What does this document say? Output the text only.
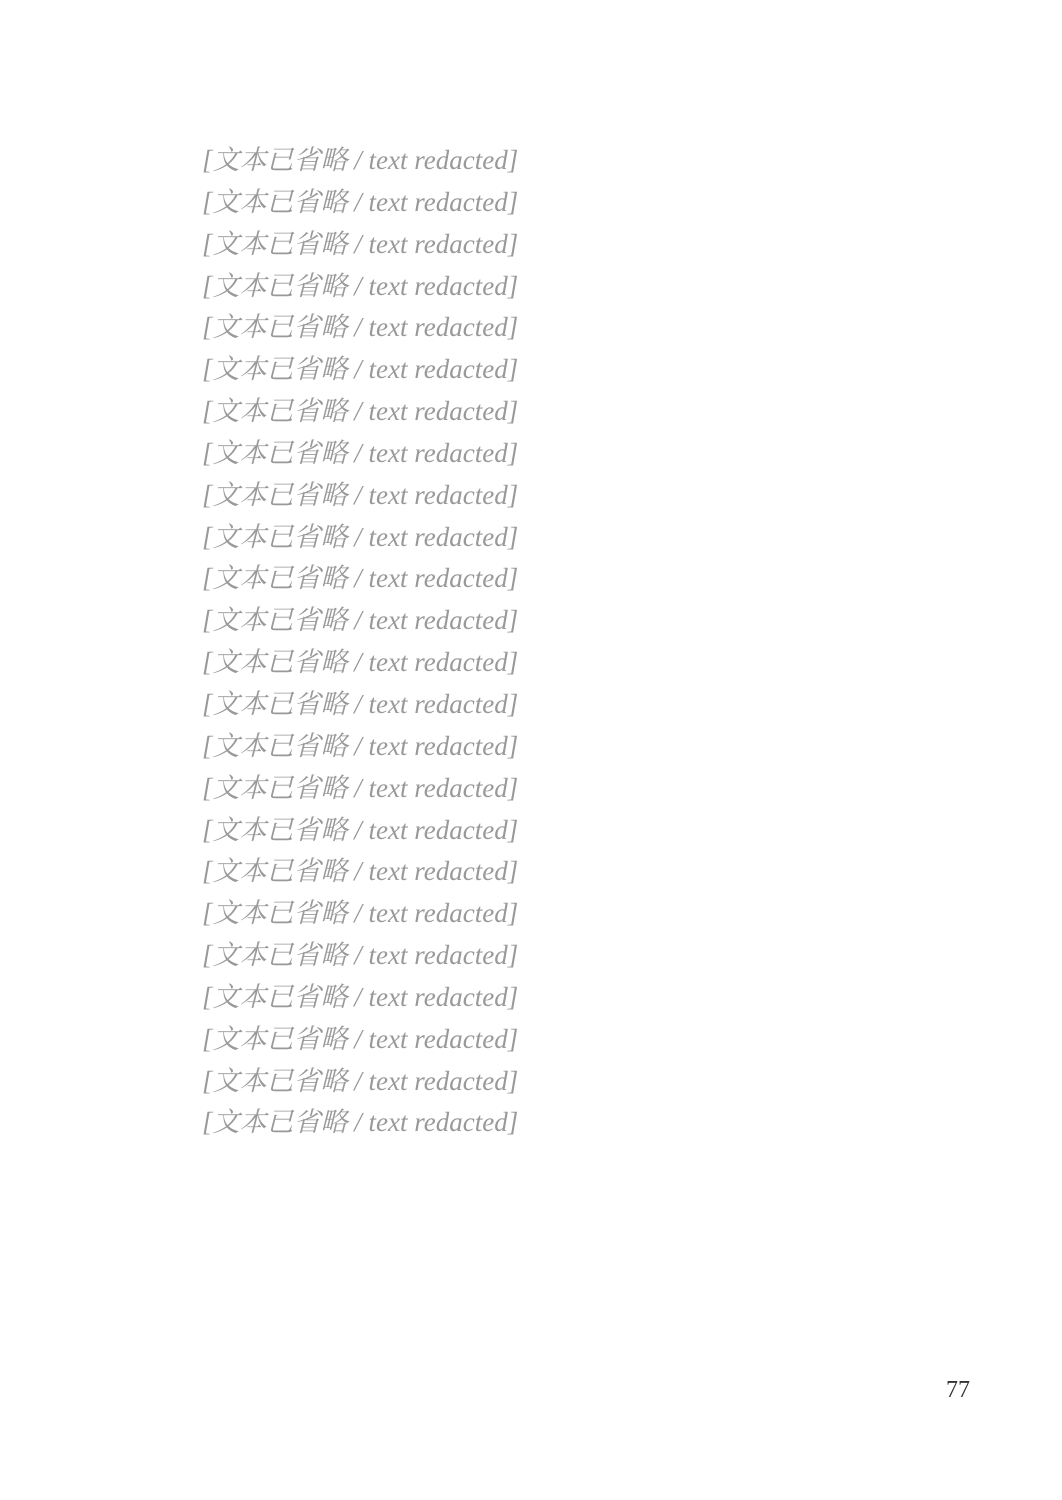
[文本已省略 / text redacted]

[文本已省略 / text redacted]

[文本已省略 / text redacted]

[文本已省略 / text redacted]

[文本已省略 / text redacted]

[文本已省略 / text redacted]

[文本已省略 / text redacted]

[文本已省略 / text redacted]

[文本已省略 / text redacted]

[文本已省略 / text redacted]

[文本已省略 / text redacted]

[文本已省略 / text redacted]

[文本已省略 / text redacted]

[文本已省略 / text redacted]

[文本已省略 / text redacted]

[文本已省略 / text redacted]

[文本已省略 / text redacted]

[文本已省略 / text redacted]

[文本已省略 / text redacted]

[文本已省略 / text redacted]

[文本已省略 / text redacted]

[文本已省略 / text redacted]

[文本已省略 / text redacted]

[文本已省略 / text redacted]

77
